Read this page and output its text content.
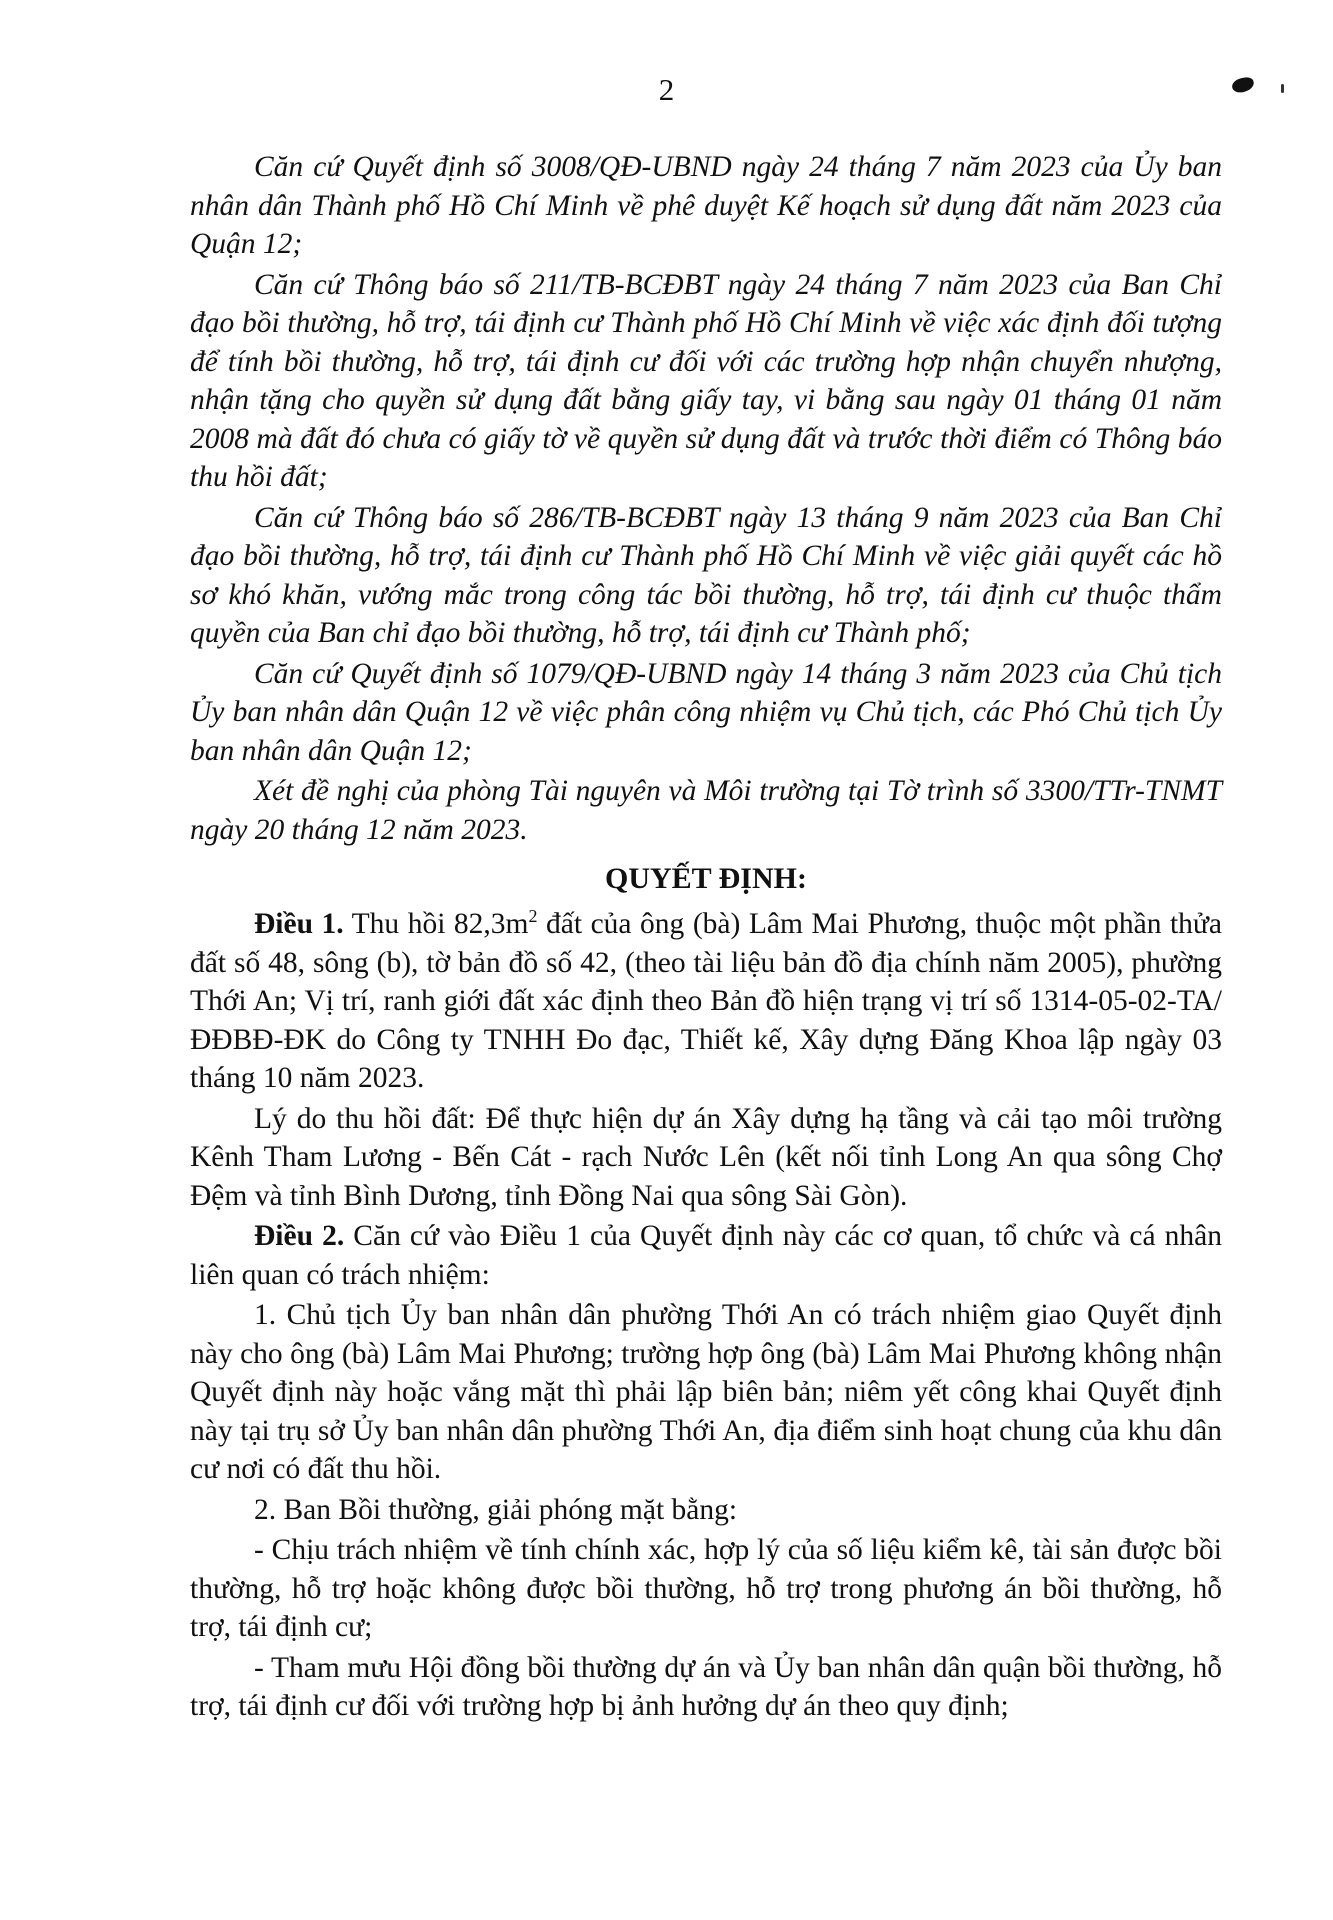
2

Căn cứ Quyết định số 3008/QĐ-UBND ngày 24 tháng 7 năm 2023 của Ủy ban nhân dân Thành phố Hồ Chí Minh về phê duyệt Kế hoạch sử dụng đất năm 2023 của Quận 12;

Căn cứ Thông báo số 211/TB-BCĐBT ngày 24 tháng 7 năm 2023 của Ban Chỉ đạo bồi thường, hỗ trợ, tái định cư Thành phố Hồ Chí Minh về việc xác định đối tượng để tính bồi thường, hỗ trợ, tái định cư đối với các trường hợp nhận chuyển nhượng, nhận tặng cho quyền sử dụng đất bằng giấy tay, vi bằng sau ngày 01 tháng 01 năm 2008 mà đất đó chưa có giấy tờ về quyền sử dụng đất và trước thời điểm có Thông báo thu hồi đất;

Căn cứ Thông báo số 286/TB-BCĐBT ngày 13 tháng 9 năm 2023 của Ban Chỉ đạo bồi thường, hỗ trợ, tái định cư Thành phố Hồ Chí Minh về việc giải quyết các hồ sơ khó khăn, vướng mắc trong công tác bồi thường, hỗ trợ, tái định cư thuộc thẩm quyền của Ban chỉ đạo bồi thường, hỗ trợ, tái định cư Thành phố;

Căn cứ Quyết định số 1079/QĐ-UBND ngày 14 tháng 3 năm 2023 của Chủ tịch Ủy ban nhân dân Quận 12 về việc phân công nhiệm vụ Chủ tịch, các Phó Chủ tịch Ủy ban nhân dân Quận 12;

Xét đề nghị của phòng Tài nguyên và Môi trường tại Tờ trình số 3300/TTr-TNMT ngày 20 tháng 12 năm 2023.

QUYẾT ĐỊNH:

Điều 1. Thu hồi $82,3m^2$ đất của ông (bà) Lâm Mai Phương, thuộc một phần thửa đất số 48, sông (b), tờ bản đồ số 42, (theo tài liệu bản đồ địa chính năm 2005), phường Thới An; Vị trí, ranh giới đất xác định theo Bản đồ hiện trạng vị trí số 1314-05-02-TA/ĐĐBĐ-ĐK do Công ty TNHH Đo đạc, Thiết kế, Xây dựng Đăng Khoa lập ngày 03 tháng 10 năm 2023.

Lý do thu hồi đất: Để thực hiện dự án Xây dựng hạ tầng và cải tạo môi trường Kênh Tham Lương - Bến Cát - rạch Nước Lên (kết nối tỉnh Long An qua sông Chợ Đệm và tỉnh Bình Dương, tỉnh Đồng Nai qua sông Sài Gòn).

Điều 2. Căn cứ vào Điều 1 của Quyết định này các cơ quan, tổ chức và cá nhân liên quan có trách nhiệm:

1. Chủ tịch Ủy ban nhân dân phường Thới An có trách nhiệm giao Quyết định này cho ông (bà) Lâm Mai Phương; trường hợp ông (bà) Lâm Mai Phương không nhận Quyết định này hoặc vắng mặt thì phải lập biên bản; niêm yết công khai Quyết định này tại trụ sở Ủy ban nhân dân phường Thới An, địa điểm sinh hoạt chung của khu dân cư nơi có đất thu hồi.

2. Ban Bồi thường, giải phóng mặt bằng:

- Chịu trách nhiệm về tính chính xác, hợp lý của số liệu kiểm kê, tài sản được bồi thường, hỗ trợ hoặc không được bồi thường, hỗ trợ trong phương án bồi thường, hỗ trợ, tái định cư;

- Tham mưu Hội đồng bồi thường dự án và Ủy ban nhân dân quận bồi thường, hỗ trợ, tái định cư đối với trường hợp bị ảnh hưởng dự án theo quy định;
